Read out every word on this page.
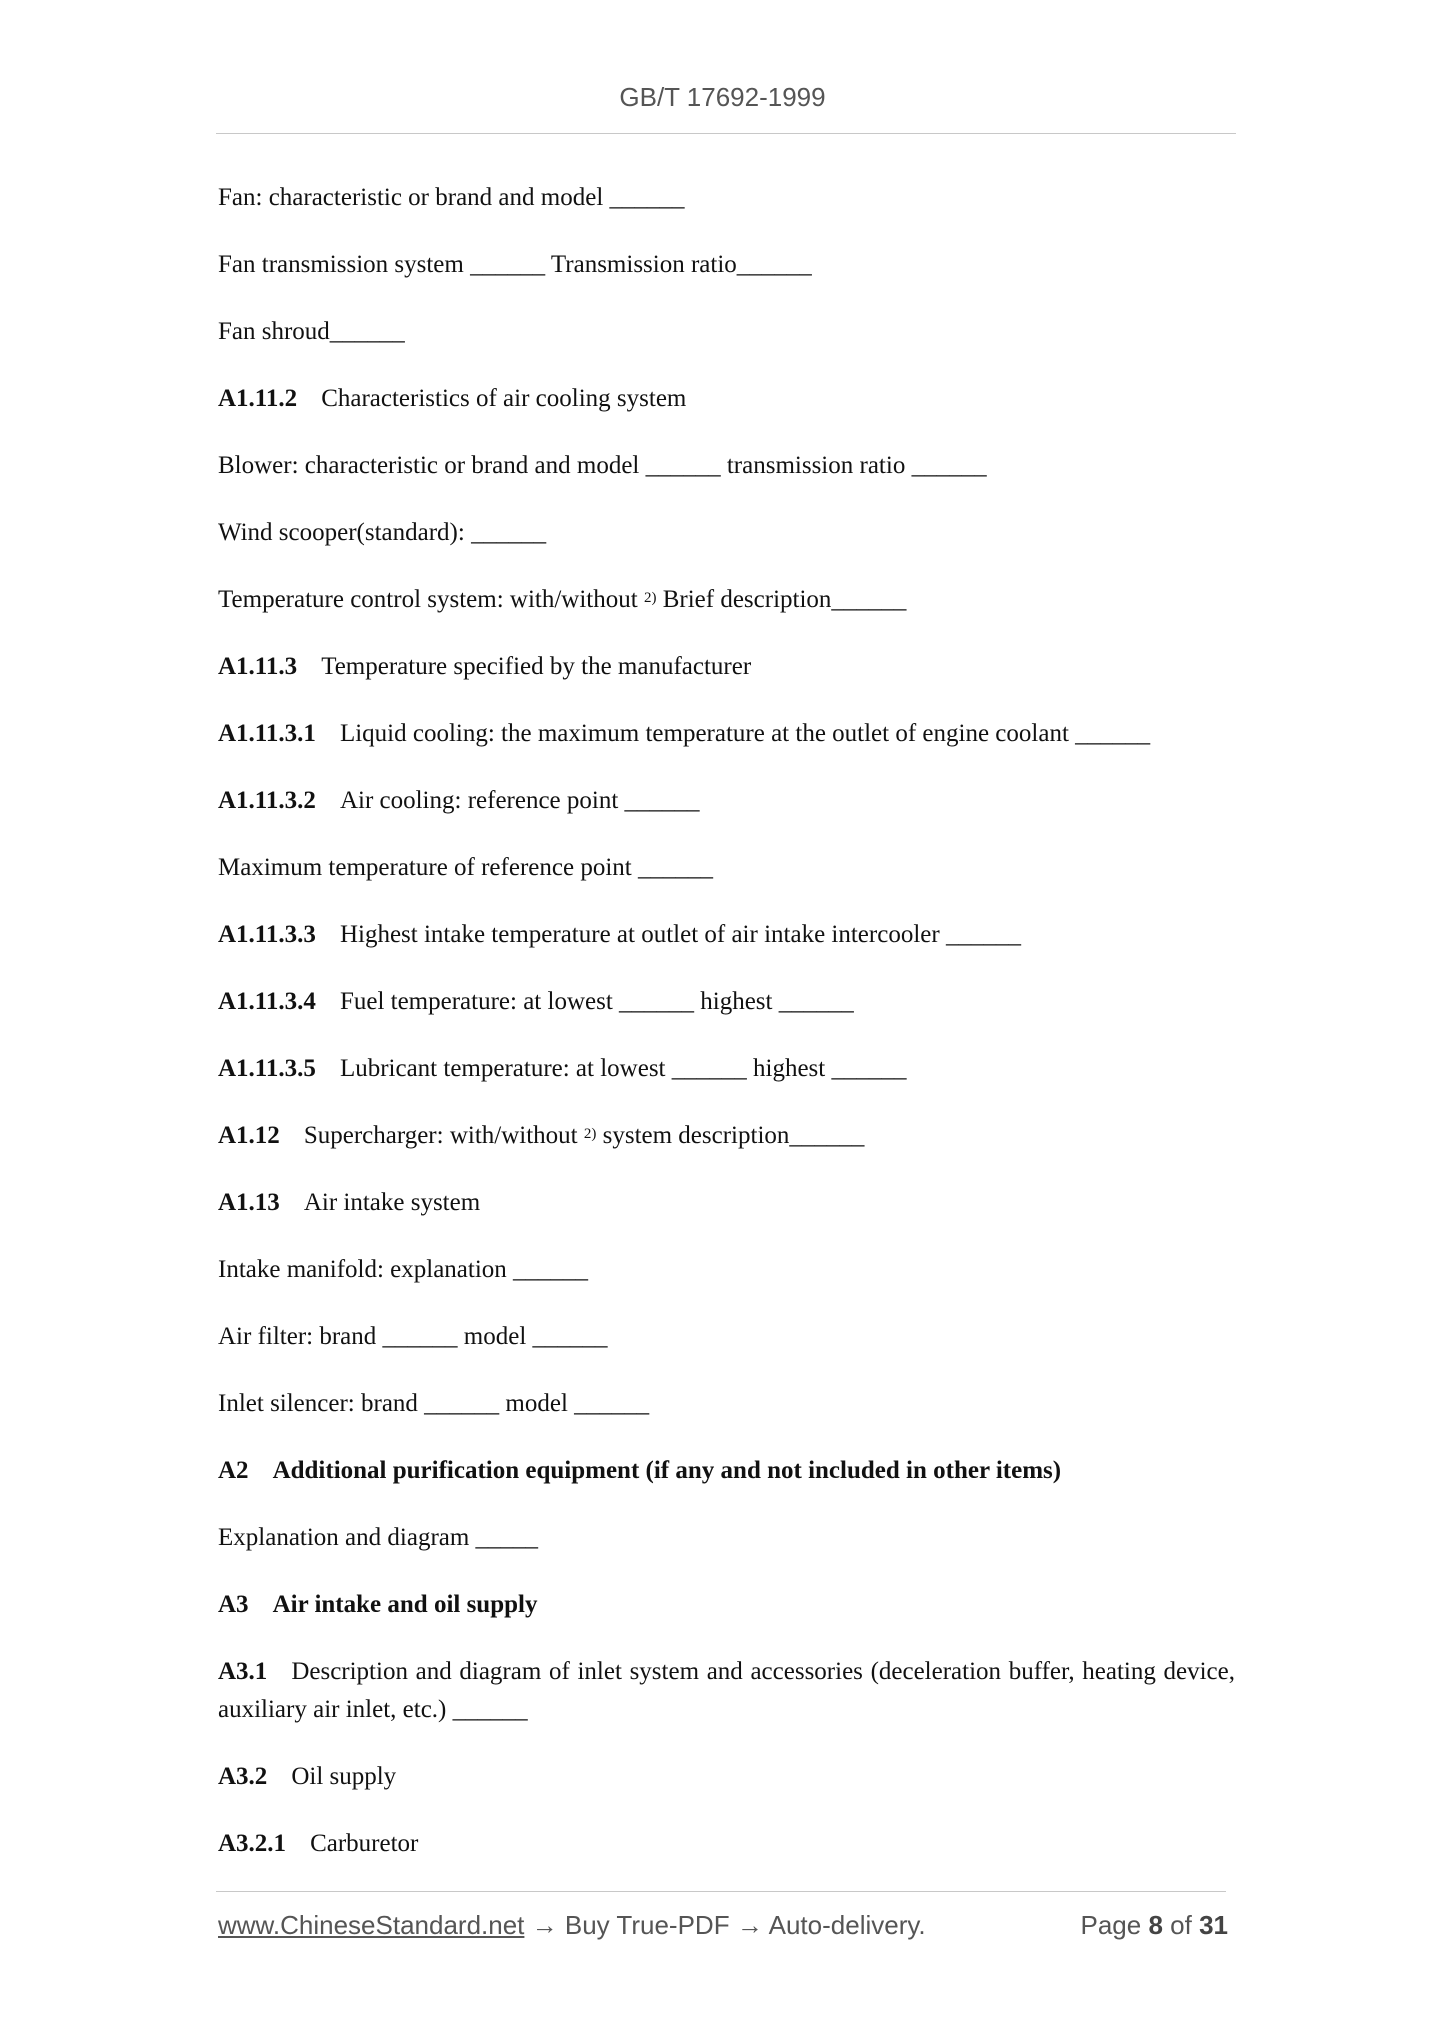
GB/T 17692-1999
Fan: characteristic or brand and model ______
Fan transmission system ______ Transmission ratio______
Fan shroud______
A1.11.2 Characteristics of air cooling system
Blower: characteristic or brand and model ______ transmission ratio ______
Wind scooper(standard): ______
Temperature control system: with/without $^{2)}$ Brief description______
A1.11.3 Temperature specified by the manufacturer
A1.11.3.1 Liquid cooling: the maximum temperature at the outlet of engine coolant ______
A1.11.3.2 Air cooling: reference point ______
Maximum temperature of reference point ______
A1.11.3.3 Highest intake temperature at outlet of air intake intercooler ______
A1.11.3.4 Fuel temperature: at lowest ______ highest ______
A1.11.3.5 Lubricant temperature: at lowest ______ highest ______
A1.12 Supercharger: with/without $^{2)}$ system description______
A1.13 Air intake system
Intake manifold: explanation ______
Air filter: brand ______ model ______
Inlet silencer: brand ______ model ______
A2 Additional purification equipment (if any and not included in other items)
Explanation and diagram _____
A3 Air intake and oil supply
A3.1 Description and diagram of inlet system and accessories (deceleration buffer, heating device, auxiliary air inlet, etc.) ______
A3.2 Oil supply
A3.2.1 Carburetor
www.ChineseStandard.net → Buy True-PDF → Auto-delivery.	Page 8 of 31
